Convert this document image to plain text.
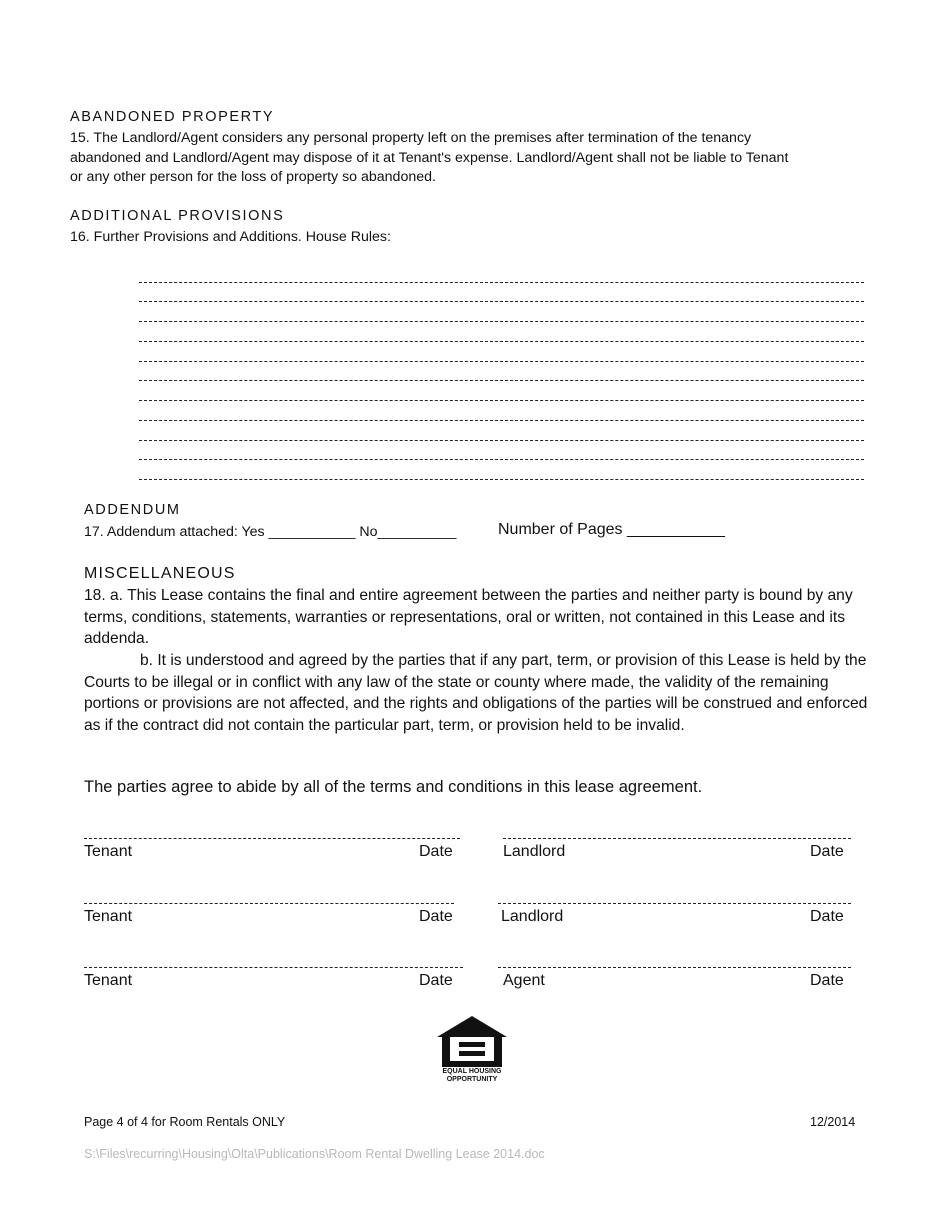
ABANDONED PROPERTY
15. The Landlord/Agent considers any personal property left on the premises after termination of the tenancy
abandoned and Landlord/Agent may dispose of it at Tenant's expense. Landlord/Agent shall not be liable to Tenant
or any other person for the loss of property so abandoned.
ADDITIONAL PROVISIONS
16. Further Provisions and Additions. House Rules:
ADDENDUM
17. Addendum attached: Yes ___________ No__________	Number of Pages ___________
MISCELLANEOUS
18. a. This Lease contains the final and entire agreement between the parties and neither party is bound by any terms, conditions, statements, warranties or representations, oral or written, not contained in this Lease and its addenda.
b. It is understood and agreed by the parties that if any part, term, or provision of this Lease is held by the Courts to be illegal or in conflict with any law of the state or county where made, the validity of the remaining portions or provisions are not affected, and the rights and obligations of the parties will be construed and enforced as if the contract did not contain the particular part, term, or provision held to be invalid.
The parties agree to abide by all of the terms and conditions in this lease agreement.
Tenant	Date	Landlord	Date
Tenant	Date	Landlord	Date
Tenant	Date	Agent	Date
EQUAL HOUSING
OPPORTUNITY
Page 4 of 4 for Room Rentals ONLY	12/2014
S:\Files\recurring\Housing\Olta\Publications\Room Rental Dwelling Lease 2014.doc
